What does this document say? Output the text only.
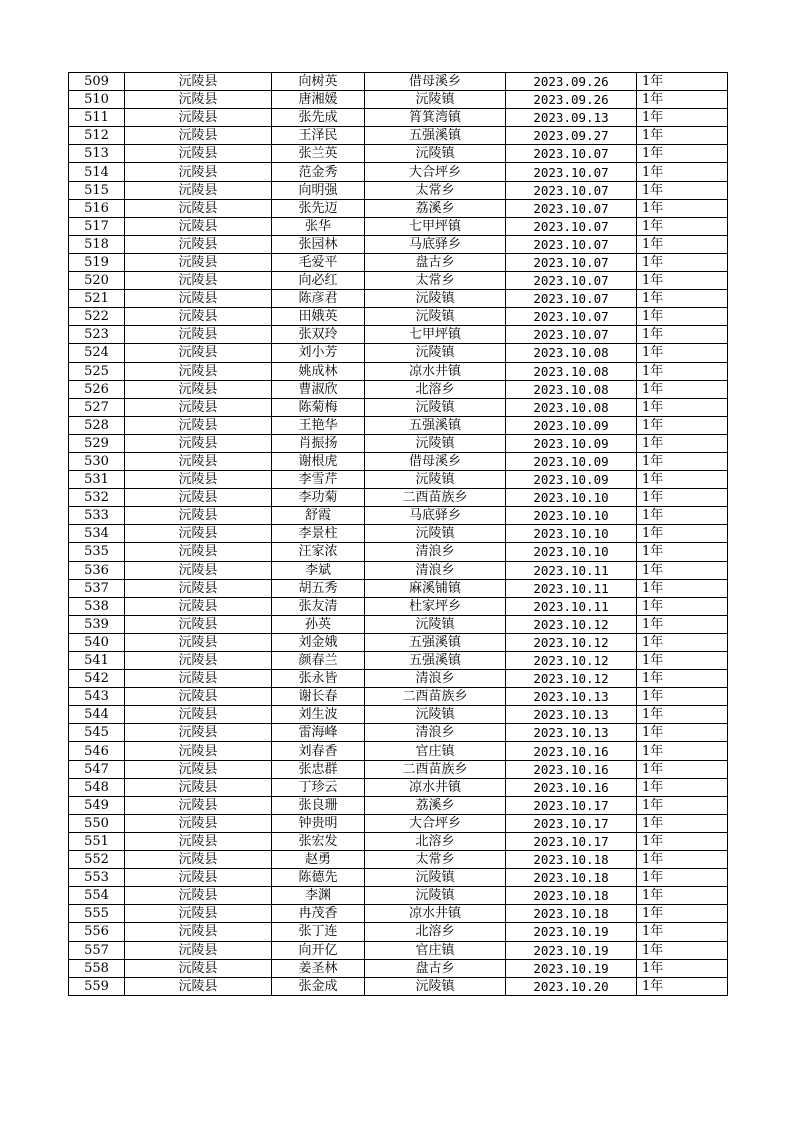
509	沅陵县	向树英	借母溪乡	2023.09.26	1年
510	沅陵县	唐湘媛	沅陵镇	2023.09.26	1年
511	沅陵县	张先成	筲箕湾镇	2023.09.13	1年
512	沅陵县	王泽民	五强溪镇	2023.09.27	1年
513	沅陵县	张兰英	沅陵镇	2023.10.07	1年
514	沅陵县	范金秀	大合坪乡	2023.10.07	1年
515	沅陵县	向明强	太常乡	2023.10.07	1年
516	沅陵县	张先迈	荔溪乡	2023.10.07	1年
517	沅陵县	张华	七甲坪镇	2023.10.07	1年
518	沅陵县	张园林	马底驿乡	2023.10.07	1年
519	沅陵县	毛爱平	盘古乡	2023.10.07	1年
520	沅陵县	向必红	太常乡	2023.10.07	1年
521	沅陵县	陈彦君	沅陵镇	2023.10.07	1年
522	沅陵县	田娥英	沅陵镇	2023.10.07	1年
523	沅陵县	张双玲	七甲坪镇	2023.10.07	1年
524	沅陵县	刘小芳	沅陵镇	2023.10.08	1年
525	沅陵县	姚成林	凉水井镇	2023.10.08	1年
526	沅陵县	曹淑欣	北溶乡	2023.10.08	1年
527	沅陵县	陈菊梅	沅陵镇	2023.10.08	1年
528	沅陵县	王艳华	五强溪镇	2023.10.09	1年
529	沅陵县	肖振扬	沅陵镇	2023.10.09	1年
530	沅陵县	谢根虎	借母溪乡	2023.10.09	1年
531	沅陵县	李雪芹	沅陵镇	2023.10.09	1年
532	沅陵县	李功菊	二酉苗族乡	2023.10.10	1年
533	沅陵县	舒霞	马底驿乡	2023.10.10	1年
534	沅陵县	李景柱	沅陵镇	2023.10.10	1年
535	沅陵县	汪家浓	清浪乡	2023.10.10	1年
536	沅陵县	李斌	清浪乡	2023.10.11	1年
537	沅陵县	胡五秀	麻溪铺镇	2023.10.11	1年
538	沅陵县	张友清	杜家坪乡	2023.10.11	1年
539	沅陵县	孙英	沅陵镇	2023.10.12	1年
540	沅陵县	刘金娥	五强溪镇	2023.10.12	1年
541	沅陵县	颜春兰	五强溪镇	2023.10.12	1年
542	沅陵县	张永皆	清浪乡	2023.10.12	1年
543	沅陵县	谢长春	二酉苗族乡	2023.10.13	1年
544	沅陵县	刘生波	沅陵镇	2023.10.13	1年
545	沅陵县	雷海峰	清浪乡	2023.10.13	1年
546	沅陵县	刘春香	官庄镇	2023.10.16	1年
547	沅陵县	张忠群	二酉苗族乡	2023.10.16	1年
548	沅陵县	丁珍云	凉水井镇	2023.10.16	1年
549	沅陵县	张良珊	荔溪乡	2023.10.17	1年
550	沅陵县	钟贵明	大合坪乡	2023.10.17	1年
551	沅陵县	张宏发	北溶乡	2023.10.17	1年
552	沅陵县	赵勇	太常乡	2023.10.18	1年
553	沅陵县	陈德先	沅陵镇	2023.10.18	1年
554	沅陵县	李渊	沅陵镇	2023.10.18	1年
555	沅陵县	冉茂香	凉水井镇	2023.10.18	1年
556	沅陵县	张丁连	北溶乡	2023.10.19	1年
557	沅陵县	向开亿	官庄镇	2023.10.19	1年
558	沅陵县	姜圣林	盘古乡	2023.10.19	1年
559	沅陵县	张金成	沅陵镇	2023.10.20	1年
